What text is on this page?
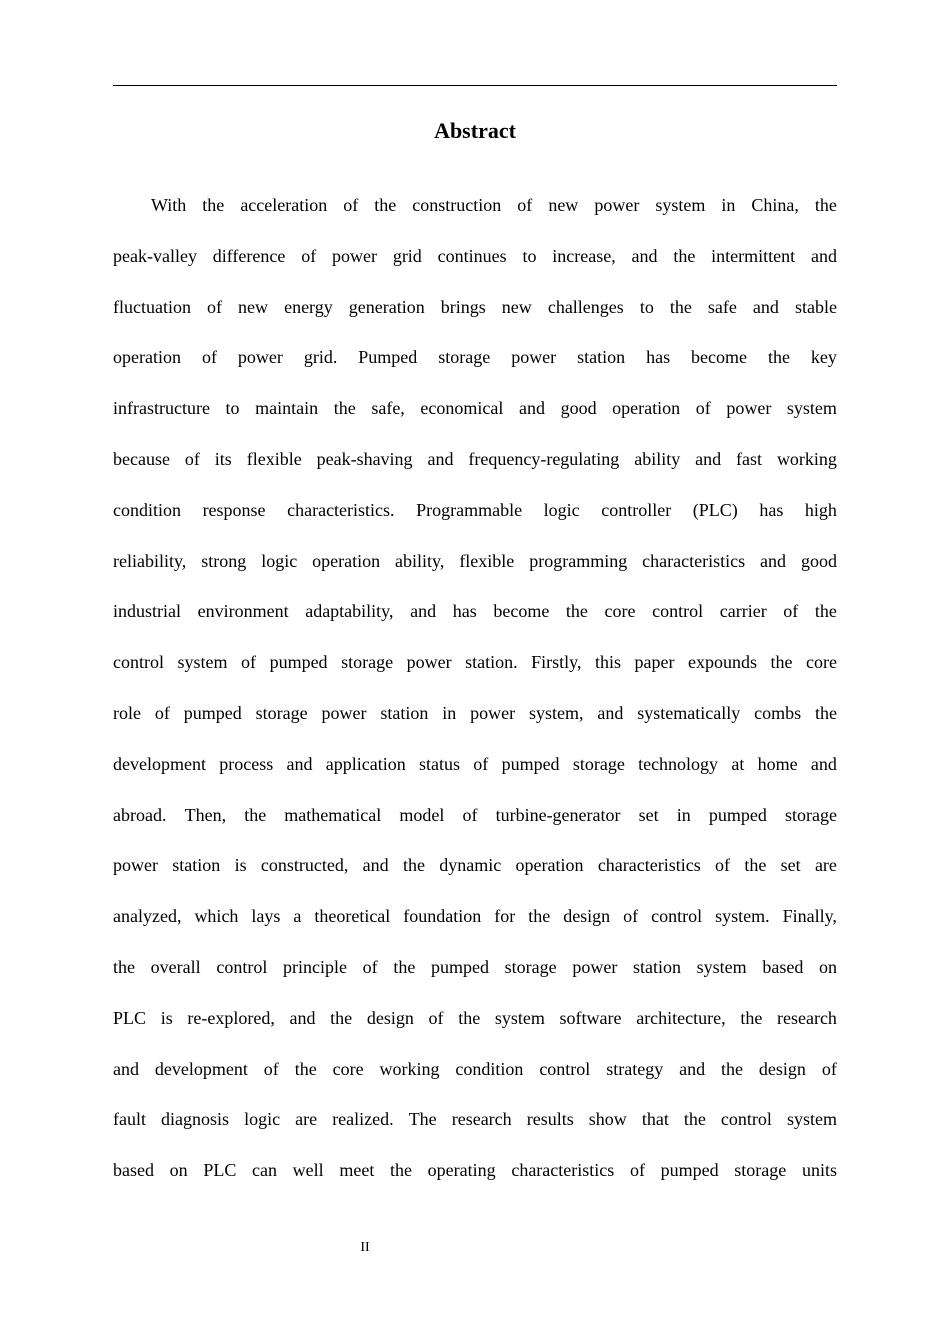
Abstract
With the acceleration of the construction of new power system in China, the
peak-valley difference of power grid continues to increase, and the intermittent and
fluctuation of new energy generation brings new challenges to the safe and stable
operation of power grid. Pumped storage power station has become the key
infrastructure to maintain the safe, economical and good operation of power system
because of its flexible peak-shaving and frequency-regulating ability and fast working
condition response characteristics. Programmable logic controller (PLC) has high
reliability, strong logic operation ability, flexible programming characteristics and good
industrial environment adaptability, and has become the core control carrier of the
control system of pumped storage power station. Firstly, this paper expounds the core
role of pumped storage power station in power system, and systematically combs the
development process and application status of pumped storage technology at home and
abroad. Then, the mathematical model of turbine-generator set in pumped storage
power station is constructed, and the dynamic operation characteristics of the set are
analyzed, which lays a theoretical foundation for the design of control system. Finally,
the overall control principle of the pumped storage power station system based on
PLC is re-explored, and the design of the system software architecture, the research
and development of the core working condition control strategy and the design of
fault diagnosis logic are realized. The research results show that the control system
based on PLC can well meet the operating characteristics of pumped storage units
II
